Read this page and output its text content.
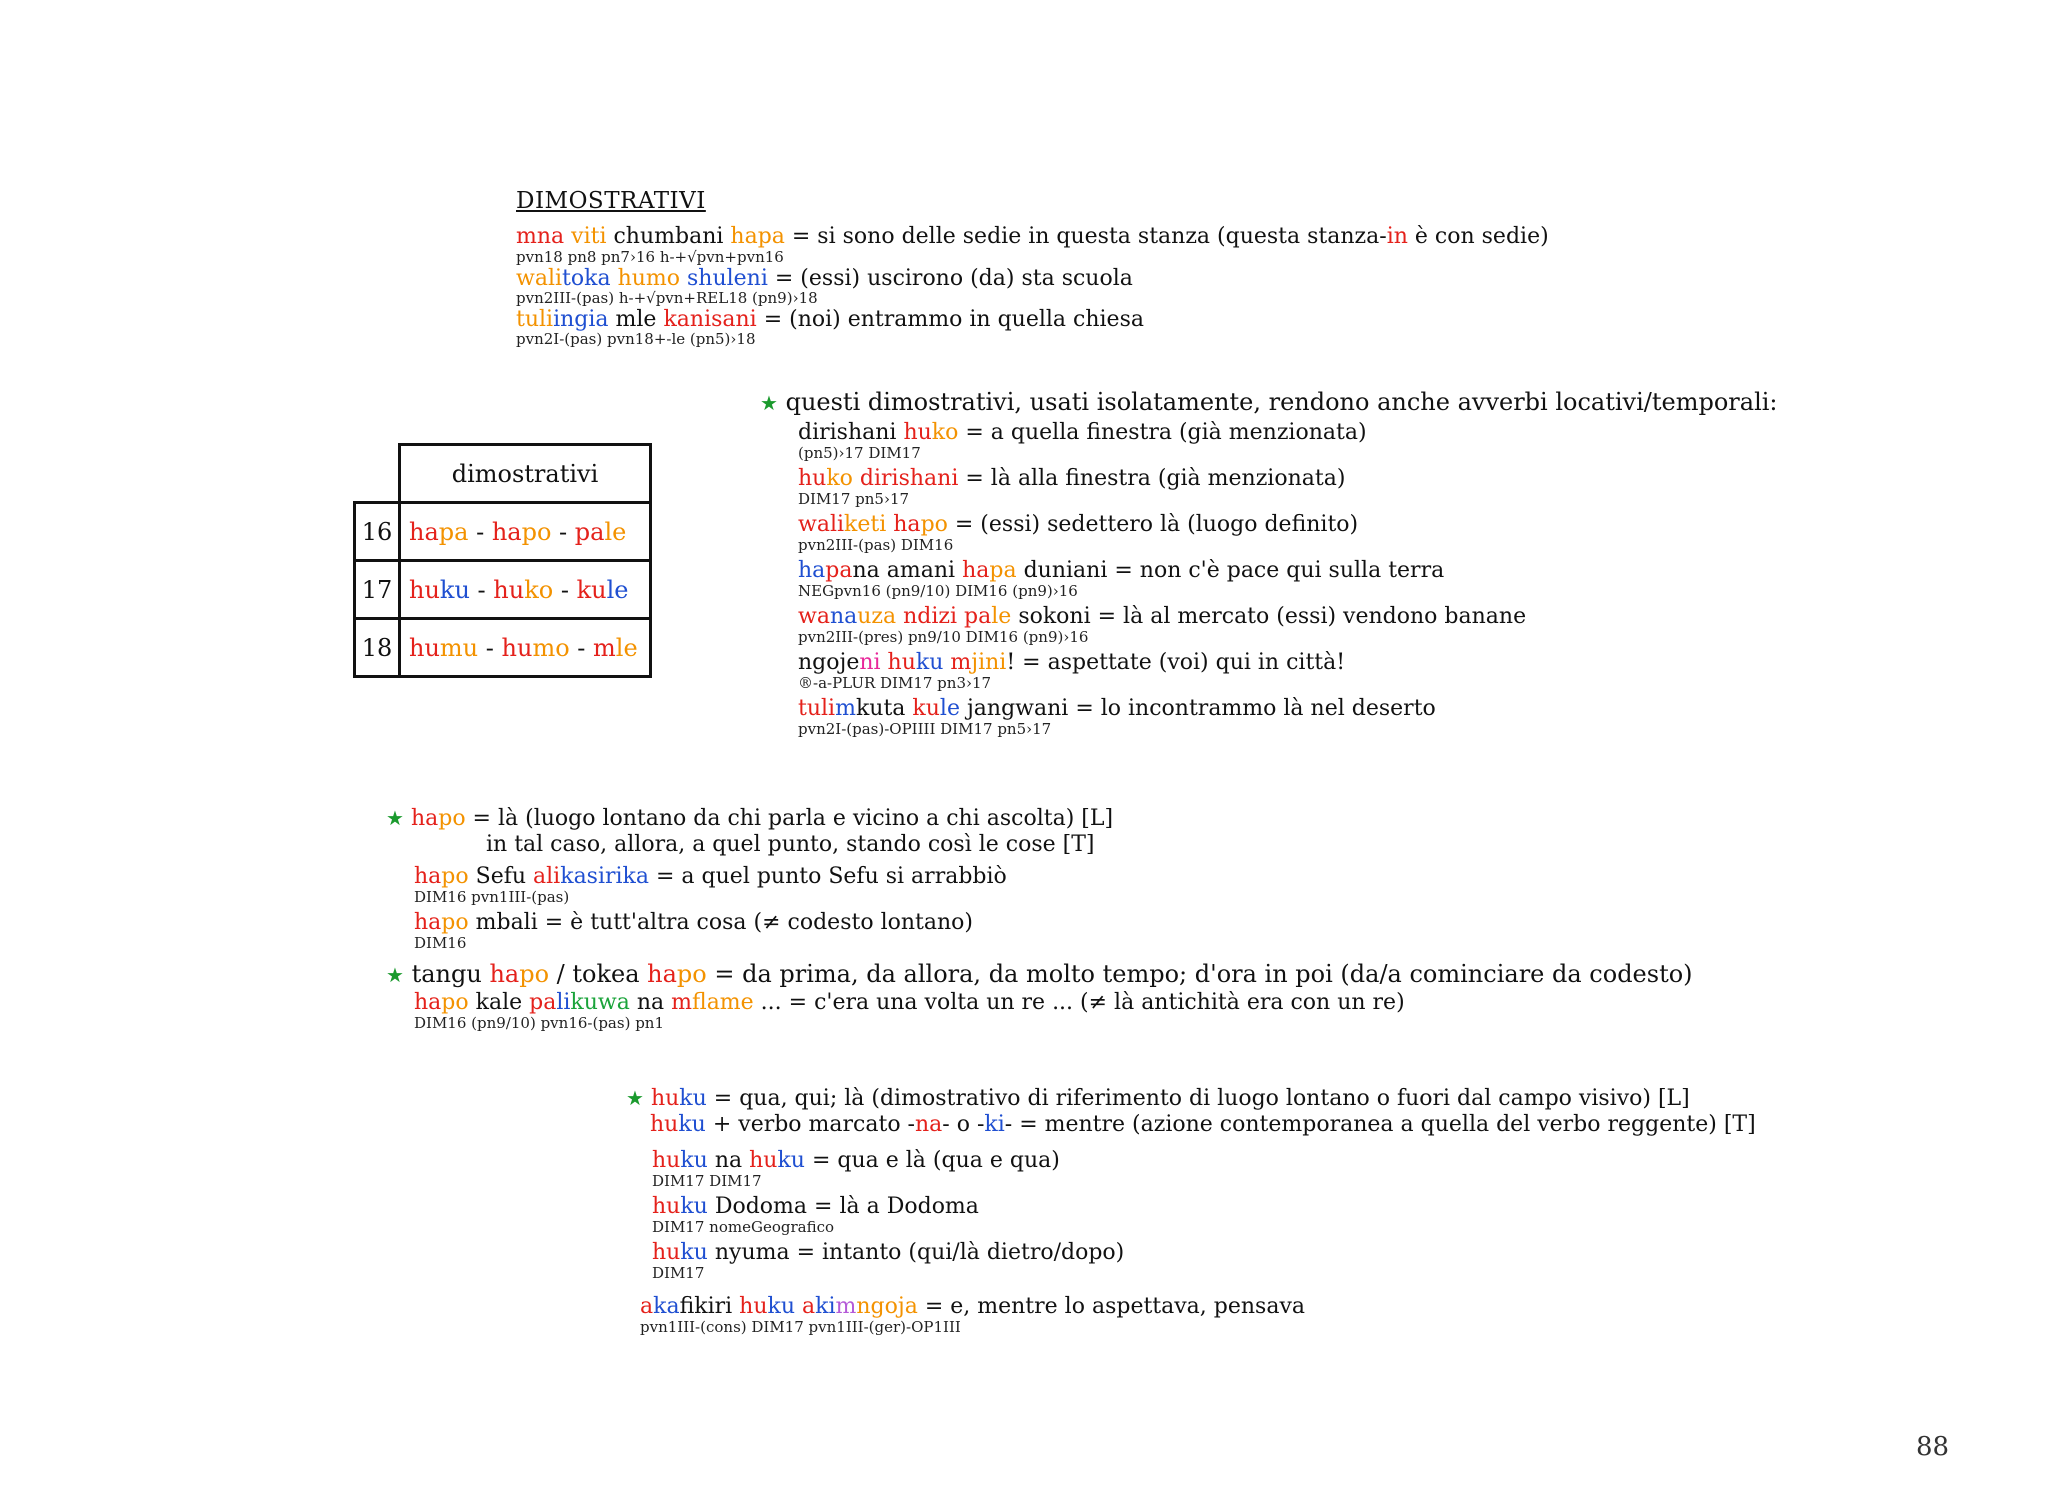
DIMOSTRATIVI
mna viti chumbani hapa = si sono delle sedie in questa stanza (questa stanza-in è con sedie)
pvn18 pn8 pn7›16 h-+√pvn+pvn16
walitoka humo shuleni = (essi) uscirono (da) sta scuola
pvn2III-(pas) h-+√pvn+REL18 (pn9)›18
tuliingia mle kanisani = (noi) entrammo in quella chiesa
pvn2I-(pas) pvn18+-le (pn5)›18
	dimostrativi
16	hapa - hapo - pale
17	huku - huko - kule
18	humu - humo - mle
★ questi dimostrativi, usati isolatamente, rendono anche avverbi locativi/temporali:
dirishani huko = a quella finestra (già menzionata)
(pn5)›17 DIM17
huko dirishani = là alla finestra (già menzionata)
DIM17 pn5›17
waliketi hapo = (essi) sedettero là (luogo definito)
pvn2III-(pas) DIM16
hapana amani hapa duniani = non c'è pace qui sulla terra
NEGpvn16 (pn9/10) DIM16 (pn9)›16
wanauza ndizi pale sokoni = là al mercato (essi) vendono banane
pvn2III-(pres) pn9/10 DIM16 (pn9)›16
ngojeni huku mjini! = aspettate (voi) qui in città!
®-a-PLUR DIM17 pn3›17
tulimkuta kule jangwani = lo incontrammo là nel deserto
pvn2I-(pas)-OPIIII DIM17 pn5›17
★ hapo = là (luogo lontano da chi parla e vicino a chi ascolta) [L]
in tal caso, allora, a quel punto, stando così le cose [T]
hapo Sefu alikasirika = a quel punto Sefu si arrabbiò
DIM16 pvn1III-(pas)
hapo mbali = è tutt'altra cosa (≠ codesto lontano)
DIM16
★ tangu hapo / tokea hapo = da prima, da allora, da molto tempo; d'ora in poi (da/a cominciare da codesto)
hapo kale palikuwa na mflame ... = c'era una volta un re ... (≠ là antichità era con un re)
DIM16 (pn9/10) pvn16-(pas) pn1
★ huku = qua, qui; là (dimostrativo di riferimento di luogo lontano o fuori dal campo visivo) [L]
huku + verbo marcato -na- o -ki- = mentre (azione contemporanea a quella del verbo reggente) [T]
huku na huku = qua e là (qua e qua)
DIM17 DIM17
huku Dodoma = là a Dodoma
DIM17 nomeGeografico
huku nyuma = intanto (qui/là dietro/dopo)
DIM17
akafikiri huku akimngoja = e, mentre lo aspettava, pensava
pvn1III-(cons) DIM17 pvn1III-(ger)-OP1III
88
